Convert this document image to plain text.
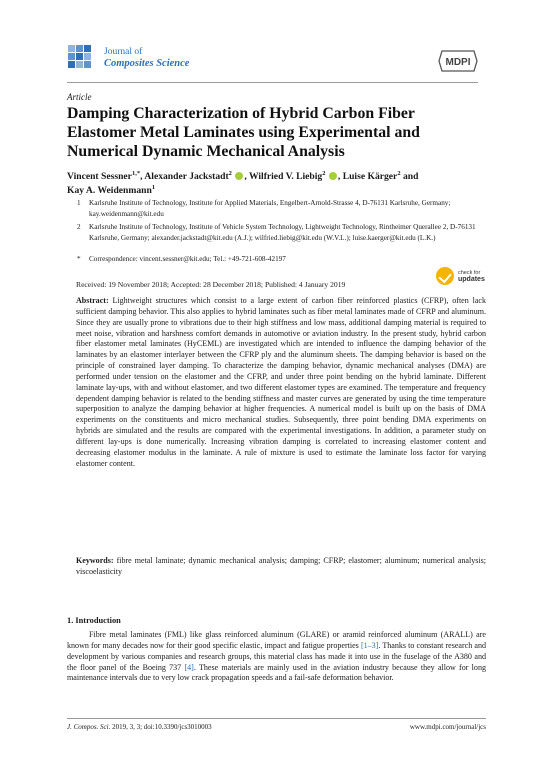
Journal of
Composites Science	MDPI
Article
Damping Characterization of Hybrid Carbon Fiber Elastomer Metal Laminates using Experimental and Numerical Dynamic Mechanical Analysis
Vincent Sessner$^{1,*}$, Alexander Jackstadt$^2$ , Wilfried V. Liebig$^2$ , Luise Kärger$^2$ and
Kay A. Weidenmann$^1$
1 Karlsruhe Institute of Technology, Institute for Applied Materials, Engelbert-Arnold-Strasse 4, D-76131 Karlsruhe, Germany; kay.weidenmann@kit.edu
2 Karlsruhe Institute of Technology, Institute of Vehicle System Technology, Lightweight Technology, Rintheimer Querallee 2, D-76131 Karlsruhe, Germany; alexander.jackstadt@kit.edu (A.J.); wilfried.liebig@kit.edu (W.V.L.); luise.kaerger@kit.edu (L.K.)
* Correspondence: vincent.sessner@kit.edu; Tel.: +49-721-608-42197
check for
updates
Received: 19 November 2018; Accepted: 28 December 2018; Published: 4 January 2019
Abstract: Lightweight structures which consist to a large extent of carbon fiber reinforced plastics (CFRP), often lack sufficient damping behavior. This also applies to hybrid laminates such as fiber metal laminates made of CFRP and aluminum. Since they are usually prone to vibrations due to their high stiffness and low mass, additional damping material is required to meet noise, vibration and harshness comfort demands in automotive or aviation industry. In the present study, hybrid carbon fiber elastomer metal laminates (HyCEML) are investigated which are intended to influence the damping behavior of the laminates by an elastomer interlayer between the CFRP ply and the aluminum sheets. The damping behavior is based on the principle of constrained layer damping. To characterize the damping behavior, dynamic mechanical analyses (DMA) are performed under tension on the elastomer and the CFRP, and under three point bending on the hybrid laminate. Different laminate lay-ups, with and without elastomer, and two different elastomer types are examined. The temperature and frequency dependent damping behavior is related to the bending stiffness and master curves are generated by using the time temperature superposition to analyze the damping behavior at higher frequencies. A numerical model is built up on the basis of DMA experiments on the constituents and micro mechanical studies. Subsequently, three point bending DMA experiments on hybrids are simulated and the results are compared with the experimental investigations. In addition, a parameter study on different lay-ups is done numerically. Increasing vibration damping is correlated to increasing elastomer content and decreasing elastomer modulus in the laminate. A rule of mixture is used to estimate the laminate loss factor for varying elastomer content.
Keywords: fibre metal laminate; dynamic mechanical analysis; damping; CFRP; elastomer; aluminum; numerical analysis; viscoelasticity
1. Introduction
Fibre metal laminates (FML) like glass reinforced aluminum (GLARE) or aramid reinforced aluminum (ARALL) are known for many decades now for their good specific elastic, impact and fatigue properties [1–3]. Thanks to constant research and development by various companies and research groups, this material class has made it into use in the fuselage of the A380 and the floor panel of the Boeing 737 [4]. These materials are mainly used in the aviation industry because they allow for long maintenance intervals due to very low crack propagation speeds and a fail-safe deformation behavior.
J. Compos. Sci. 2019, 3, 3; doi:10.3390/jcs3010003	www.mdpi.com/journal/jcs
